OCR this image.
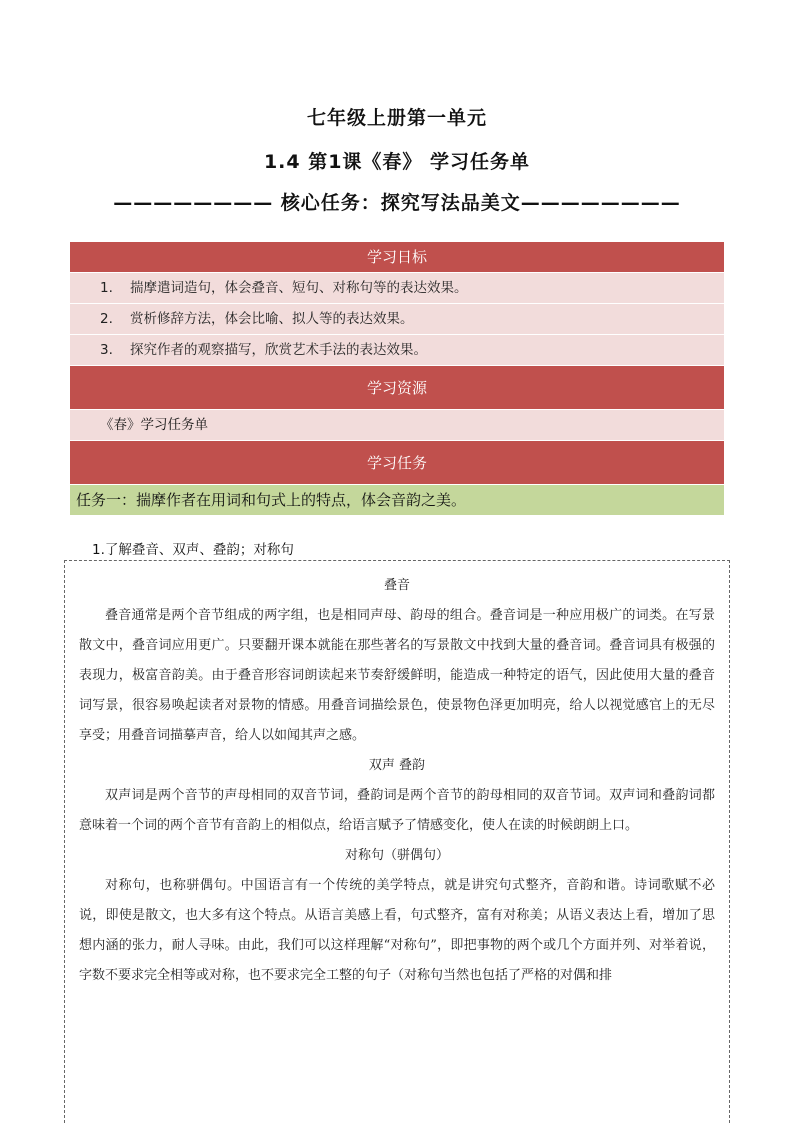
七年级上册第一单元
1.4 第1课《春》 学习任务单
———————— 核心任务：探究写法品美文————————
学习日标
1. 揣摩遣词造句，体会叠音、短句、对称句等的表达效果。
2. 赏析修辞方法，体会比喻、拟人等的表达效果。
3. 探究作者的观察描写，欣赏艺术手法的表达效果。
学习资源
《春》学习任务单
学习任务
任务一：揣摩作者在用词和句式上的特点，体会音韵之美。
1.了解叠音、双声、叠韵；对称句
叠音

叠音通常是两个音节组成的两字组，也是相同声母、韵母的组合。叠音词是一种应用极广的词类。在写景散文中，叠音词应用更广。只要翻开课本就能在那些著名的写景散文中找到大量的叠音词。叠音词具有极强的表现力，极富音韵美。由于叠音形容词朗读起来节奏舒缓鲜明，能造成一种特定的语气，因此使用大量的叠音词写景，很容易唤起读者对景物的情感。用叠音词描绘景色，使景物色泽更加明亮，给人以视觉感官上的无尽享受；用叠音词描摹声音，给人以如闻其声之感。

双声 叠韵

双声词是两个音节的声母相同的双音节词，叠韵词是两个音节的韵母相同的双音节词。双声词和叠韵词都意味着一个词的两个音节有音韵上的相似点，给语言赋予了情感变化，使人在读的时候朗朗上口。

对称句（骈偶句）

对称句，也称骈偶句。中国语言有一个传统的美学特点，就是讲究句式整齐，音韵和谐。诗词歌赋不必说，即使是散文，也大多有这个特点。从语言美感上看，句式整齐，富有对称美；从语义表达上看，增加了思想内涵的张力，耐人寻味。由此，我们可以这样理解“对称句”，即把事物的两个或几个方面并列、对举着说，字数不要求完全相等或对称，也不要求完全工整的句子（对称句当然也包括了严格的对偶和排
